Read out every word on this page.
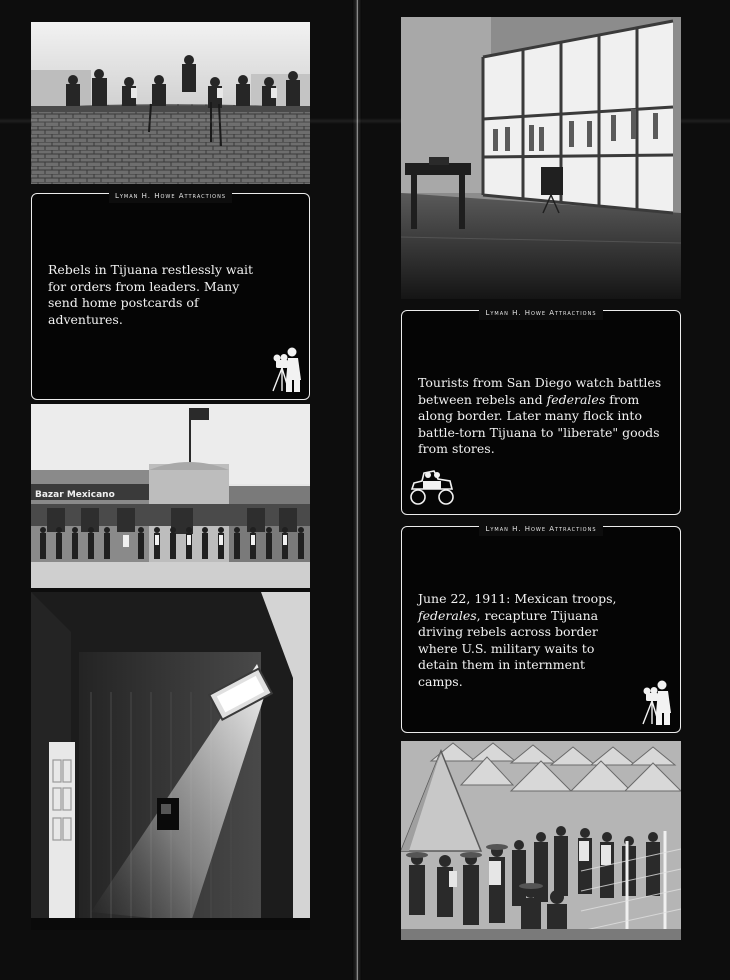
Lyman H. Howe Attractions
Rebels in Tijuana restlessly wait for orders from leaders. Many send home postcards of adventures.
Bazar Mexicano
Lyman H. Howe Attractions
Tourists from San Diego watch battles between rebels and federales from along border. Later many flock into battle-torn Tijuana to "liberate" goods from stores.
Lyman H. Howe Attractions
June 22, 1911: Mexican troops, federales, recapture Tijuana driving rebels across border where U.S. military waits to detain them in internment camps.
